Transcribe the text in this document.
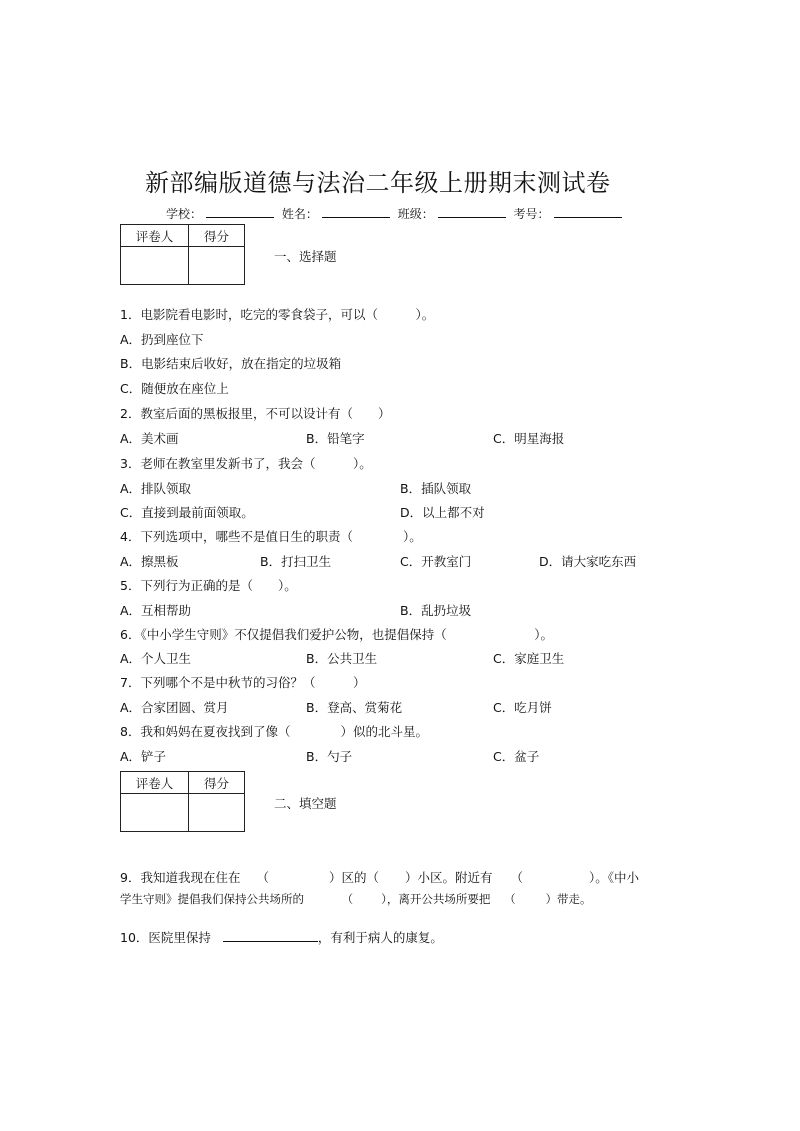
新部编版道德与法治二年级上册期末测试卷
学校：	姓名：	班级：	考号：
评卷人	得分

一、选择题
1．电影院看电影时，吃完的零食袋子，可以（　　　）。
A．扔到座位下
B．电影结束后收好，放在指定的垃圾箱
C．随便放在座位上
2．教室后面的黑板报里，不可以设计有（　　）
A．美术画	B．铅笔字	C．明星海报
3．老师在教室里发新书了，我会（　　　）。
A．排队领取	B．插队领取
C．直接到最前面领取。	D．以上都不对
4．下列选项中，哪些不是值日生的职责（　　　　）。
A．擦黑板	B．打扫卫生	C．开教室门	D．请大家吃东西
5．下列行为正确的是（　　）。
A．互相帮助	B．乱扔垃圾
6．《中小学生守则》不仅提倡我们爱护公物，也提倡保持（　　　　　　　）。
A．个人卫生	B．公共卫生	C．家庭卫生
7．下列哪个不是中秋节的习俗？（　　　）
A．合家团圆、赏月	B．登高、赏菊花	C．吃月饼
8．我和妈妈在夏夜找到了像（　　　　）似的北斗星。
A．铲子	B．勺子	C．盆子
评卷人	得分

二、填空题
9．我知道我现在住在 （	）区的（ ）小区。附近有 （	）。《中小
学生守则》提倡我们保持公共场所的	（ ），离开公共场所要把 （	）带走。
10．医院里保持	，有利于病人的康复。
